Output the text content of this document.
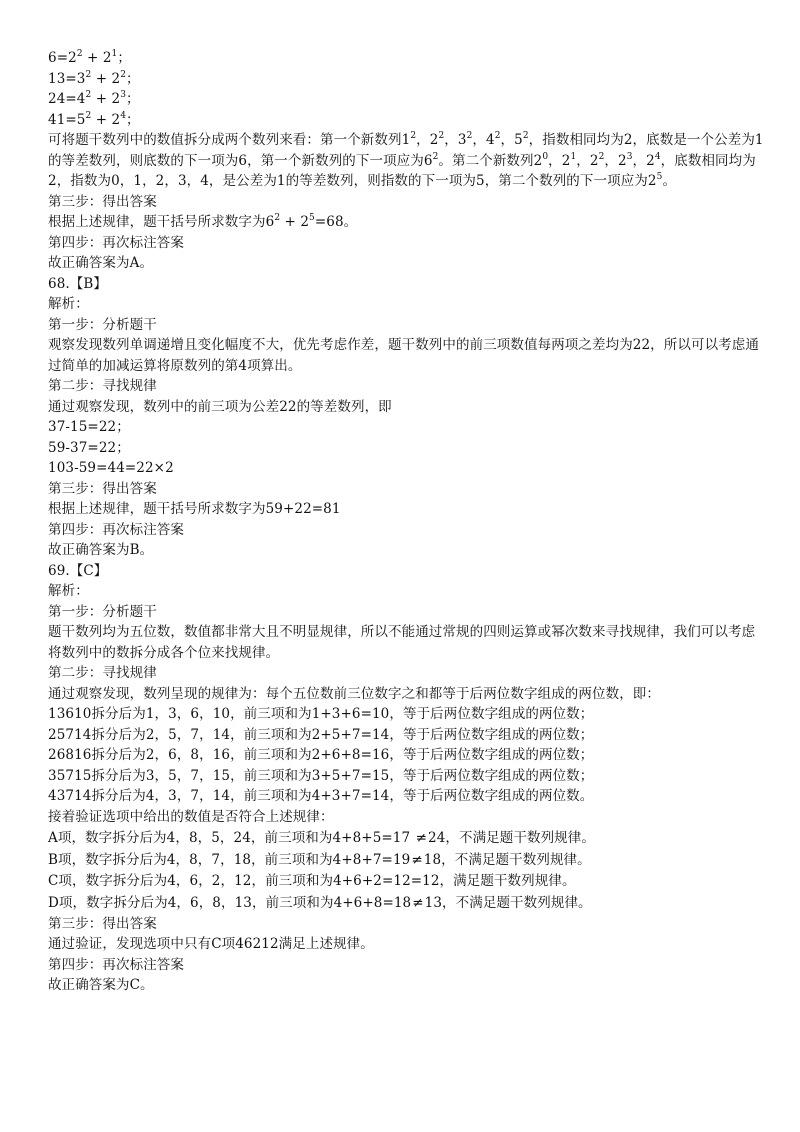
$6=2^2 + 2^1$；
$13=3^2 + 2^2$；
$24=4^2 + 2^3$；
$41=5^2 + 2^4$；
可将题干数列中的数值拆分成两个数列来看：第一个新数列$1^2$，$2^2$，$3^2$，$4^2$，$5^2$，指数相同均为2，底数是一个公差为1的等差数列，则底数的下一项为6，第一个新数列的下一项应为$6^2$。第二个新数列$2^0$，$2^1$，$2^2$，$2^3$，$2^4$，底数相同均为2，指数为0，1，2，3，4，是公差为1的等差数列，则指数的下一项为5，第二个数列的下一项应为$2^5$。
第三步：得出答案
根据上述规律，题干括号所求数字为$6^2 + 2^5=68$。
第四步：再次标注答案
故正确答案为A。
68.【B】
解析：
第一步：分析题干
观察发现数列单调递增且变化幅度不大，优先考虑作差，题干数列中的前三项数值每两项之差均为22，所以可以考虑通过简单的加减运算将原数列的第4项算出。
第二步：寻找规律
通过观察发现，数列中的前三项为公差22的等差数列，即
37-15=22；
59-37=22；
103-59=44=22×2
第三步：得出答案
根据上述规律，题干括号所求数字为59+22=81
第四步：再次标注答案
故正确答案为B。
69.【C】
解析：
第一步：分析题干
题干数列均为五位数，数值都非常大且不明显规律，所以不能通过常规的四则运算或幂次数来寻找规律，我们可以考虑将数列中的数拆分成各个位来找规律。
第二步：寻找规律
通过观察发现，数列呈现的规律为：每个五位数前三位数字之和都等于后两位数字组成的两位数，即：
13610拆分后为1，3，6，10，前三项和为1+3+6=10，等于后两位数字组成的两位数；
25714拆分后为2，5，7，14，前三项和为2+5+7=14，等于后两位数字组成的两位数；
26816拆分后为2，6，8，16，前三项和为2+6+8=16，等于后两位数字组成的两位数；
35715拆分后为3，5，7，15，前三项和为3+5+7=15，等于后两位数字组成的两位数；
43714拆分后为4，3，7，14，前三项和为4+3+7=14，等于后两位数字组成的两位数。
接着验证选项中给出的数值是否符合上述规律：
A项，数字拆分后为4，8，5，24，前三项和为4+8+5=17 ≠24，不满足题干数列规律。
B项，数字拆分后为4，8，7，18，前三项和为4+8+7=19≠18，不满足题干数列规律。
C项，数字拆分后为4，6，2，12，前三项和为4+6+2=12=12，满足题干数列规律。
D项，数字拆分后为4，6，8，13，前三项和为4+6+8=18≠13，不满足题干数列规律。
第三步：得出答案
通过验证，发现选项中只有C项46212满足上述规律。
第四步：再次标注答案
故正确答案为C。
